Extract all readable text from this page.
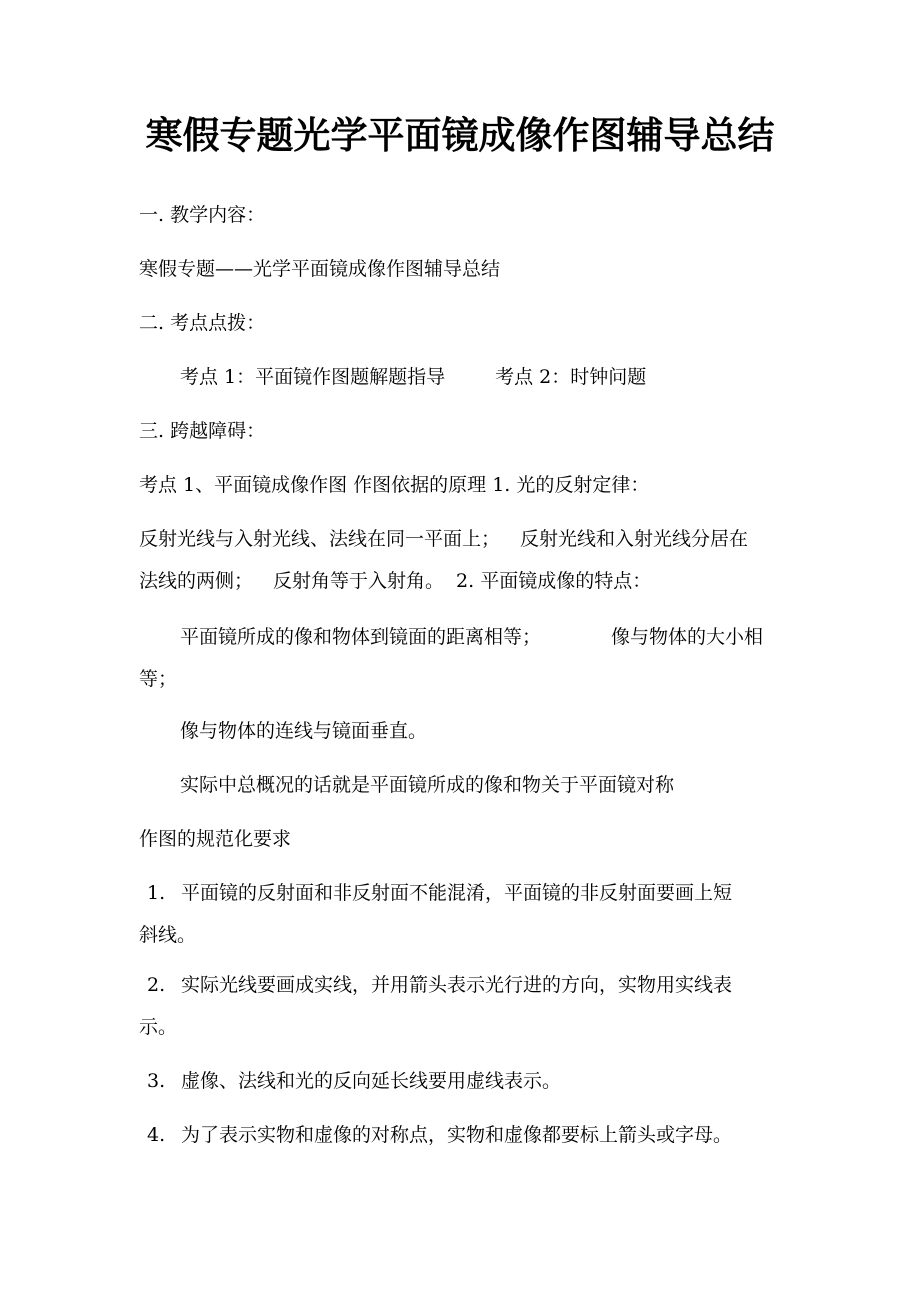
寒假专题光学平面镜成像作图辅导总结
一. 教学内容：
寒假专题——光学平面镜成像作图辅导总结
二. 考点点拨：
考点 1：平面镜作图题解题指导	考点 2：时钟问题
三. 跨越障碍：
考点 1、平面镜成像作图 作图依据的原理 1. 光的反射定律：
反射光线与入射光线、法线在同一平面上； 反射光线和入射光线分居在
法线的两侧； 反射角等于入射角。 2. 平面镜成像的特点：
平面镜所成的像和物体到镜面的距离相等；	像与物体的大小相
等；
像与物体的连线与镜面垂直。
实际中总概况的话就是平面镜所成的像和物关于平面镜对称
作图的规范化要求
1. 平面镜的反射面和非反射面不能混淆，平面镜的非反射面要画上短
斜线。
2. 实际光线要画成实线，并用箭头表示光行进的方向，实物用实线表
示。
3. 虚像、法线和光的反向延长线要用虚线表示。
4. 为了表示实物和虚像的对称点，实物和虚像都要标上箭头或字母。
